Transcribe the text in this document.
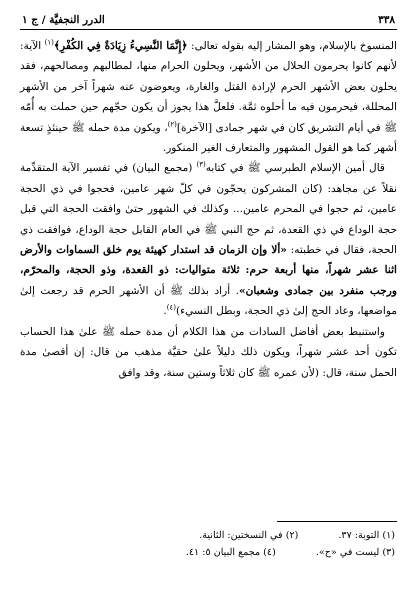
٣٣٨
الدرر النجفيَّة / ج ١

المنسوخ بالإسلام، وهو المشار إليه بقوله تعالى: ﴿إِنَّمَا النَّسِيءُ زِيَادَةٌ فِي الكُفْرِ﴾$^{(١)}$ الآية: لأنهم كانوا يحرمون الحلال من الأشهر، ويحلون الحرام منها، لمطالبهم ومصالحهم، فقد يحلون بعض الأشهر الحرم لإرادة القتل والغارة، ويعوضون عنه شهراً آخر من الأشهر المحللة، فيحرمون فيه ما أحلوه ثمَّة. فلعلَّ هذا يجوز أن يكون حجّهم حين حملت به أُمّه ﷺ في أيام التشريق كان في شهر جمادى [الآخرة]$^{(٢)}$، ويكون مدة حمله ﷺ حينئذٍ تسعة أشهر كما هو القول المشهور والمتعارف الغير المنكور.

قال أمين الإسلام الطبرسي ﷺ في كتابه$^{(٣)}$ (مجمع البيان) في تفسير الآية المتقدِّمة نقلاً عن مجاهد: (كان المشركون يحجّون في كلّ شهر عامين، فحجوا في ذي الحجة عامين، ثم حجوا في المحرم عامين... وكذلك في الشهور حتىٰ وافقت الحجة التي قبل حجة الوداع في ذي القعدة، ثم حج النبي ﷺ في العام القابل حجة الوداع، فوافقت ذي الحجة، فقال في خطبته: «ألا وإن الزمان قد استدار كهيئة يوم خلق السماوات والأرض اثنا عشر شهراً، منها أربعة حرم: ثلاثة متواليات: ذو القعدة، وذو الحجة، والمحرّم، ورجب منفرد بين جمادى وشعبان». أراد بذلك ﷺ أن الأشهر الحرم قد رجعت إلىٰ مواضعها، وعاد الحج إلىٰ ذي الحجة، وبطل النسيء)$^{(٤)}$.

واستنبط بعض أفاضل السادات من هذا الكلام أن مدة حمله ﷺ علىٰ هذا الحساب تكون أحد عشر شهراً، ويكون ذلك دليلاً علىٰ حقيَّة مذهب من قال: إن أقصىٰ مدة الحمل سنة، قال: (لأن عمره ﷺ كان ثلاثاً وستين سنة، وقد وافق

(١) التوبة: ٣٧.
(٢) في النسختين: الثانية.
(٣) ليست في «ح».
(٤) مجمع البيان ٥: ٤١.
